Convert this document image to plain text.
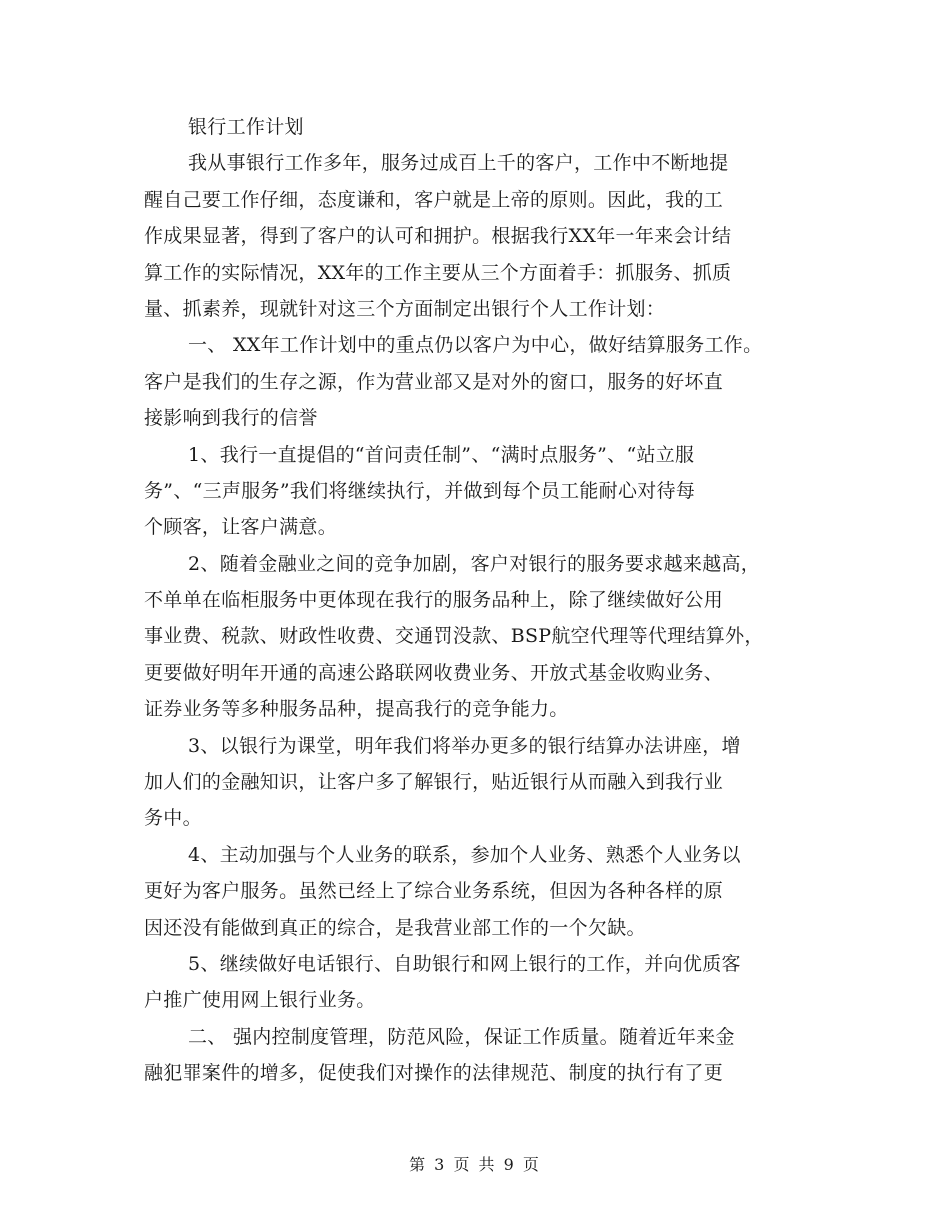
银行工作计划
我从事银行工作多年，服务过成百上千的客户，工作中不断地提
醒自己要工作仔细，态度谦和，客户就是上帝的原则。因此，我的工
作成果显著，得到了客户的认可和拥护。根据我行XX年一年来会计结
算工作的实际情况，XX年的工作主要从三个方面着手：抓服务、抓质
量、抓素养，现就针对这三个方面制定出银行个人工作计划：
一、 XX年工作计划中的重点仍以客户为中心，做好结算服务工作。
客户是我们的生存之源，作为营业部又是对外的窗口，服务的好坏直
接影响到我行的信誉
1、我行一直提倡的“首问责任制”、“满时点服务”、“站立服
务”、“三声服务”我们将继续执行，并做到每个员工能耐心对待每
个顾客，让客户满意。
2、随着金融业之间的竞争加剧，客户对银行的服务要求越来越高，
不单单在临柜服务中更体现在我行的服务品种上，除了继续做好公用
事业费、税款、财政性收费、交通罚没款、BSP航空代理等代理结算外，
更要做好明年开通的高速公路联网收费业务、开放式基金收购业务、
证券业务等多种服务品种，提高我行的竞争能力。
3、以银行为课堂，明年我们将举办更多的银行结算办法讲座，增
加人们的金融知识，让客户多了解银行，贴近银行从而融入到我行业
务中。
4、主动加强与个人业务的联系，参加个人业务、熟悉个人业务以
更好为客户服务。虽然已经上了综合业务系统，但因为各种各样的原
因还没有能做到真正的综合，是我营业部工作的一个欠缺。
5、继续做好电话银行、自助银行和网上银行的工作，并向优质客
户推广使用网上银行业务。
二、 强内控制度管理，防范风险，保证工作质量。随着近年来金
融犯罪案件的增多，促使我们对操作的法律规范、制度的执行有了更
第 3 页 共 9 页
